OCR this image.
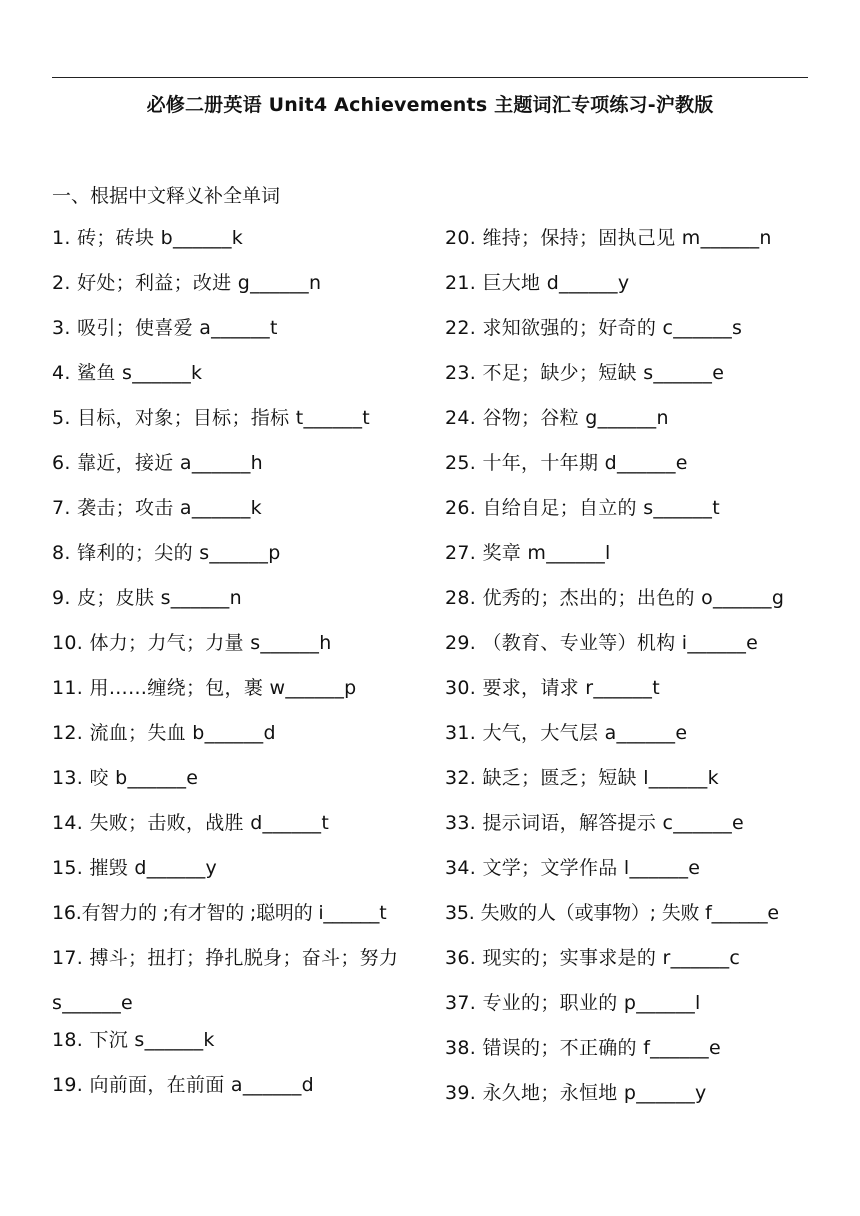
必修二册英语 Unit4 Achievements 主题词汇专项练习-沪教版
一、根据中文释义补全单词
1. 砖；砖块 b______k
2. 好处；利益；改进 g______n
3. 吸引；使喜爱 a______t
4. 鲨鱼 s______k
5. 目标，对象；目标；指标 t______t
6. 靠近，接近 a______h
7. 袭击；攻击 a______k
8. 锋利的；尖的 s______p
9. 皮；皮肤 s______n
10. 体力；力气；力量 s______h
11. 用……缠绕；包，裹 w______p
12. 流血；失血 b______d
13. 咬 b______e
14. 失败；击败，战胜 d______t
15. 摧毁 d______y
16.有智力的 ;有才智的 ;聪明的 i______t
17. 搏斗；扭打；挣扎脱身；奋斗；努力 s______e
18. 下沉 s______k
19. 向前面，在前面 a______d
20. 维持；保持；固执己见 m______n
21. 巨大地 d______y
22. 求知欲强的；好奇的 c______s
23. 不足；缺少；短缺 s______e
24. 谷物；谷粒 g______n
25. 十年，十年期 d______e
26. 自给自足；自立的 s______t
27. 奖章 m______l
28. 优秀的；杰出的；出色的 o______g
29. （教育、专业等）机构 i______e
30. 要求，请求 r______t
31. 大气，大气层 a______e
32. 缺乏；匮乏；短缺 l______k
33. 提示词语，解答提示 c______e
34. 文学；文学作品 l______e
35. 失败的人（或事物）; 失败 f______e
36. 现实的；实事求是的 r______c
37. 专业的；职业的 p______l
38. 错误的；不正确的 f______e
39. 永久地；永恒地 p______y
